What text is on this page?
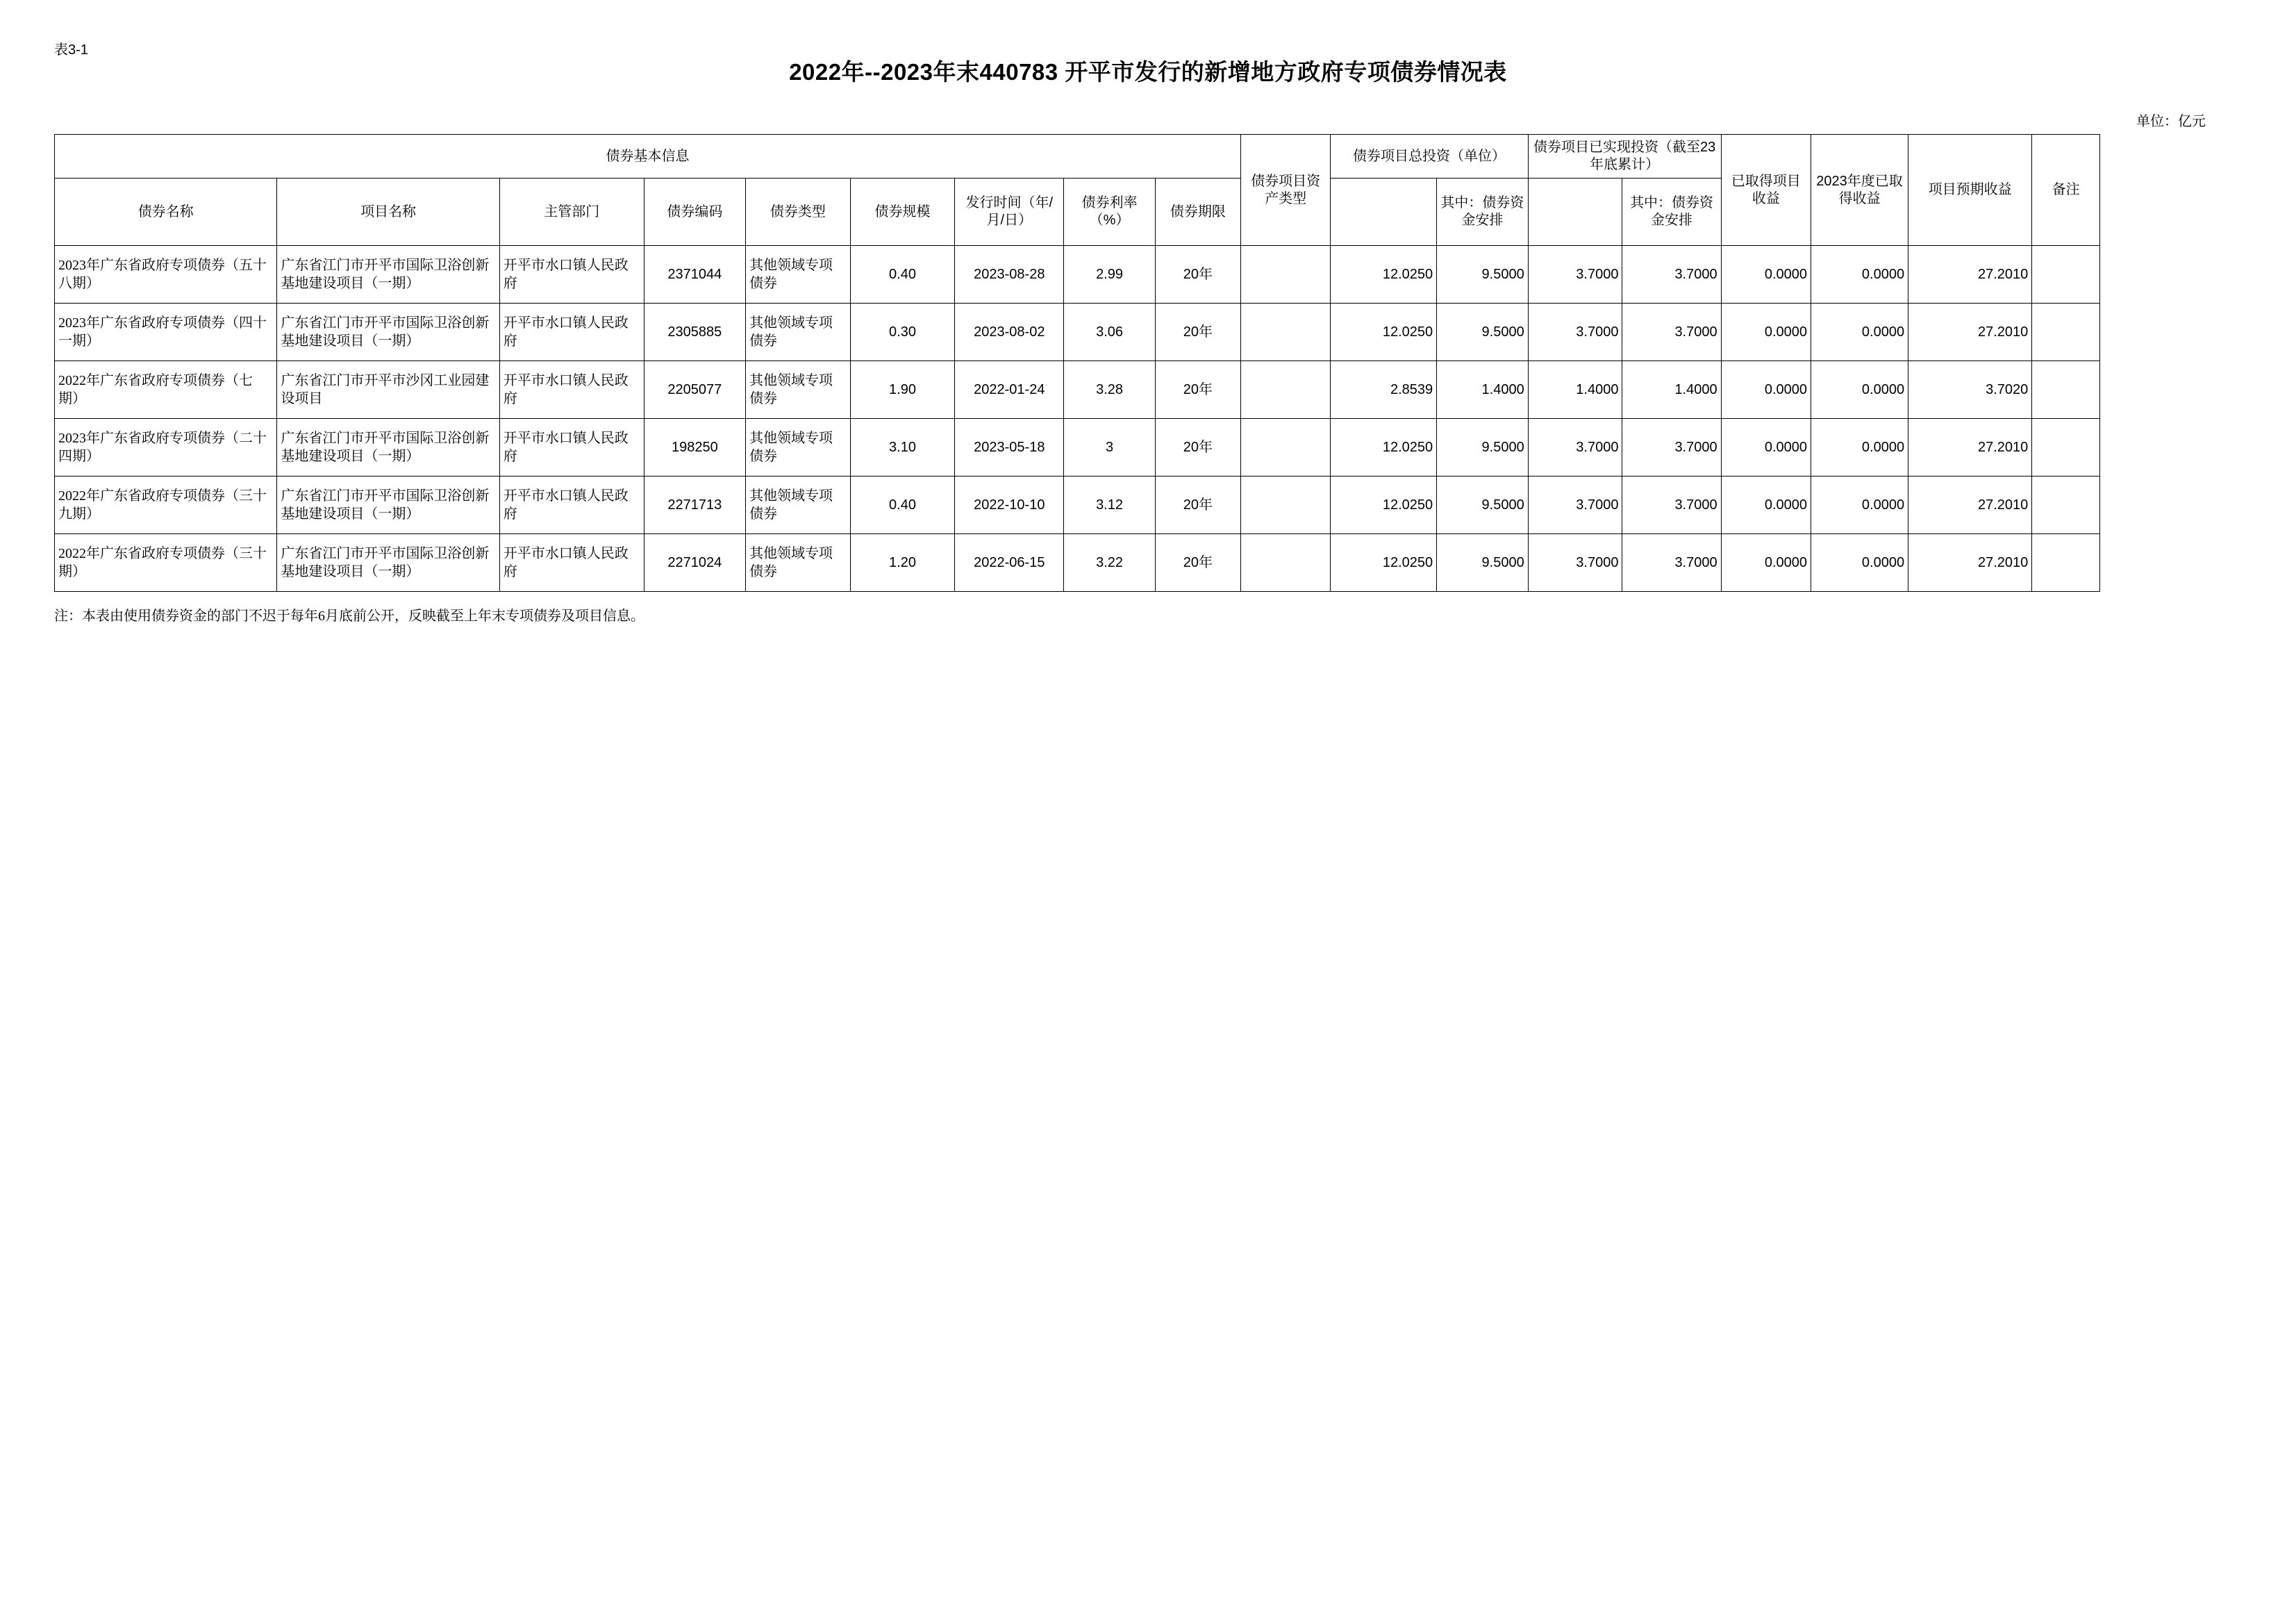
表3-1
2022年--2023年末440783 开平市发行的新增地方政府专项债券情况表
单位：亿元
债券基本信息									债券项目资产类型	债券项目总投资（单位）		债券项目已实现投资（截至23年底累计）		已取得项目收益	2023年度已取得收益	项目预期收益	备注
债券名称	项目名称	主管部门	债券编码	债券类型	债券规模	发行时间（年/月/日）	债券利率（%）	债券期限			其中：债券资金安排		其中：债券资金安排				
2023年广东省政府专项债券（五十八期）	广东省江门市开平市国际卫浴创新基地建设项目（一期）	开平市水口镇人民政府	2371044	其他领域专项债券	0.40	2023-08-28	2.99	20年		12.0250	9.5000	3.7000	3.7000	0.0000	0.0000	27.2010	
2023年广东省政府专项债券（四十一期）	广东省江门市开平市国际卫浴创新基地建设项目（一期）	开平市水口镇人民政府	2305885	其他领域专项债券	0.30	2023-08-02	3.06	20年		12.0250	9.5000	3.7000	3.7000	0.0000	0.0000	27.2010	
2022年广东省政府专项债券（七期）	广东省江门市开平市沙冈工业园建设项目	开平市水口镇人民政府	2205077	其他领域专项债券	1.90	2022-01-24	3.28	20年		2.8539	1.4000	1.4000	1.4000	0.0000	0.0000	3.7020	
2023年广东省政府专项债券（二十四期）	广东省江门市开平市国际卫浴创新基地建设项目（一期）	开平市水口镇人民政府	198250	其他领域专项债券	3.10	2023-05-18	3	20年		12.0250	9.5000	3.7000	3.7000	0.0000	0.0000	27.2010	
2022年广东省政府专项债券（三十九期）	广东省江门市开平市国际卫浴创新基地建设项目（一期）	开平市水口镇人民政府	2271713	其他领域专项债券	0.40	2022-10-10	3.12	20年		12.0250	9.5000	3.7000	3.7000	0.0000	0.0000	27.2010	
2022年广东省政府专项债券（三十期）	广东省江门市开平市国际卫浴创新基地建设项目（一期）	开平市水口镇人民政府	2271024	其他领域专项债券	1.20	2022-06-15	3.22	20年		12.0250	9.5000	3.7000	3.7000	0.0000	0.0000	27.2010	
注：本表由使用债券资金的部门不迟于每年6月底前公开，反映截至上年末专项债券及项目信息。
